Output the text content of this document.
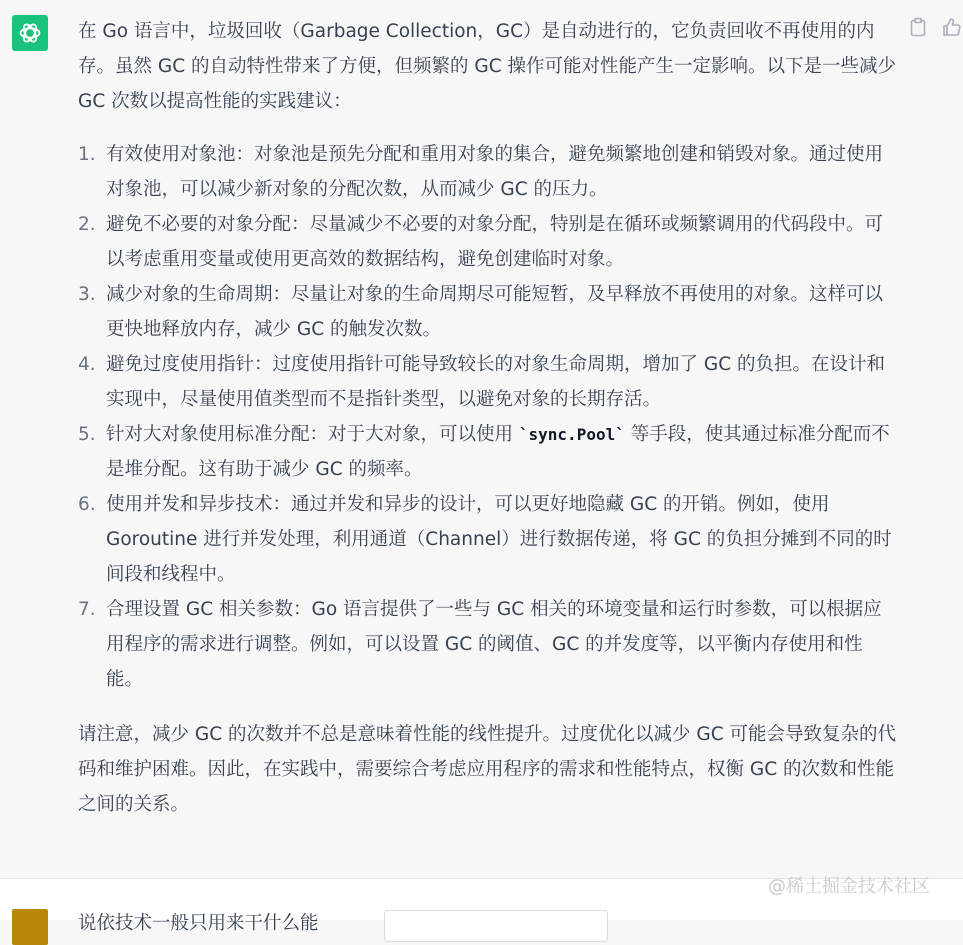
在 Go 语言中，垃圾回收（Garbage Collection，GC）是自动进行的，它负责回收不再使用的内存。虽然 GC 的自动特性带来了方便，但频繁的 GC 操作可能对性能产生一定影响。以下是一些减少 GC 次数以提高性能的实践建议：

1. 有效使用对象池：对象池是预先分配和重用对象的集合，避免频繁地创建和销毁对象。通过使用对象池，可以减少新对象的分配次数，从而减少 GC 的压力。
2. 避免不必要的对象分配：尽量减少不必要的对象分配，特别是在循环或频繁调用的代码段中。可以考虑重用变量或使用更高效的数据结构，避免创建临时对象。
3. 减少对象的生命周期：尽量让对象的生命周期尽可能短暂，及早释放不再使用的对象。这样可以更快地释放内存，减少 GC 的触发次数。
4. 避免过度使用指针：过度使用指针可能导致较长的对象生命周期，增加了 GC 的负担。在设计和实现中，尽量使用值类型而不是指针类型，以避免对象的长期存活。
5. 针对大对象使用标准分配：对于大对象，可以使用 `sync.Pool` 等手段，使其通过标准分配而不是堆分配。这有助于减少 GC 的频率。
6. 使用并发和异步技术：通过并发和异步的设计，可以更好地隐藏 GC 的开销。例如，使用 Goroutine 进行并发处理，利用通道（Channel）进行数据传递，将 GC 的负担分摊到不同的时间段和线程中。
7. 合理设置 GC 相关参数：Go 语言提供了一些与 GC 相关的环境变量和运行时参数，可以根据应用程序的需求进行调整。例如，可以设置 GC 的阈值、GC 的并发度等，以平衡内存使用和性能。

请注意，减少 GC 的次数并不总是意味着性能的线性提升。过度优化以减少 GC 可能会导致复杂的代码和维护困难。因此，在实践中，需要综合考虑应用程序的需求和性能特点，权衡 GC 的次数和性能之间的关系。

说依技术一般只用来干什么能
@稀土掘金技术社区
